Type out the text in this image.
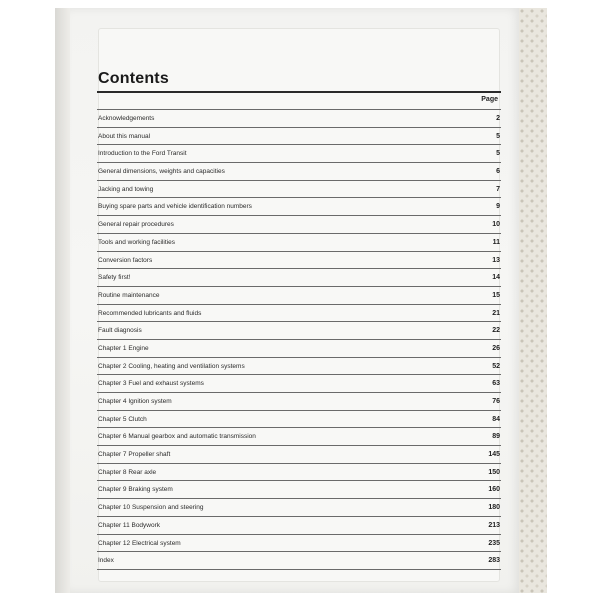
Contents
Page
Acknowledgements	2
About this manual	5
Introduction to the Ford Transit	5
General dimensions, weights and capacities	6
Jacking and towing	7
Buying spare parts and vehicle identification numbers	9
General repair procedures	10
Tools and working facilities	11
Conversion factors	13
Safety first!	14
Routine maintenance	15
Recommended lubricants and fluids	21
Fault diagnosis	22
Chapter 1 Engine	26
Chapter 2 Cooling, heating and ventilation systems	52
Chapter 3 Fuel and exhaust systems	63
Chapter 4 Ignition system	76
Chapter 5 Clutch	84
Chapter 6 Manual gearbox and automatic transmission	89
Chapter 7 Propeller shaft	145
Chapter 8 Rear axle	150
Chapter 9 Braking system	160
Chapter 10 Suspension and steering	180
Chapter 11 Bodywork	213
Chapter 12 Electrical system	235
Index	283
